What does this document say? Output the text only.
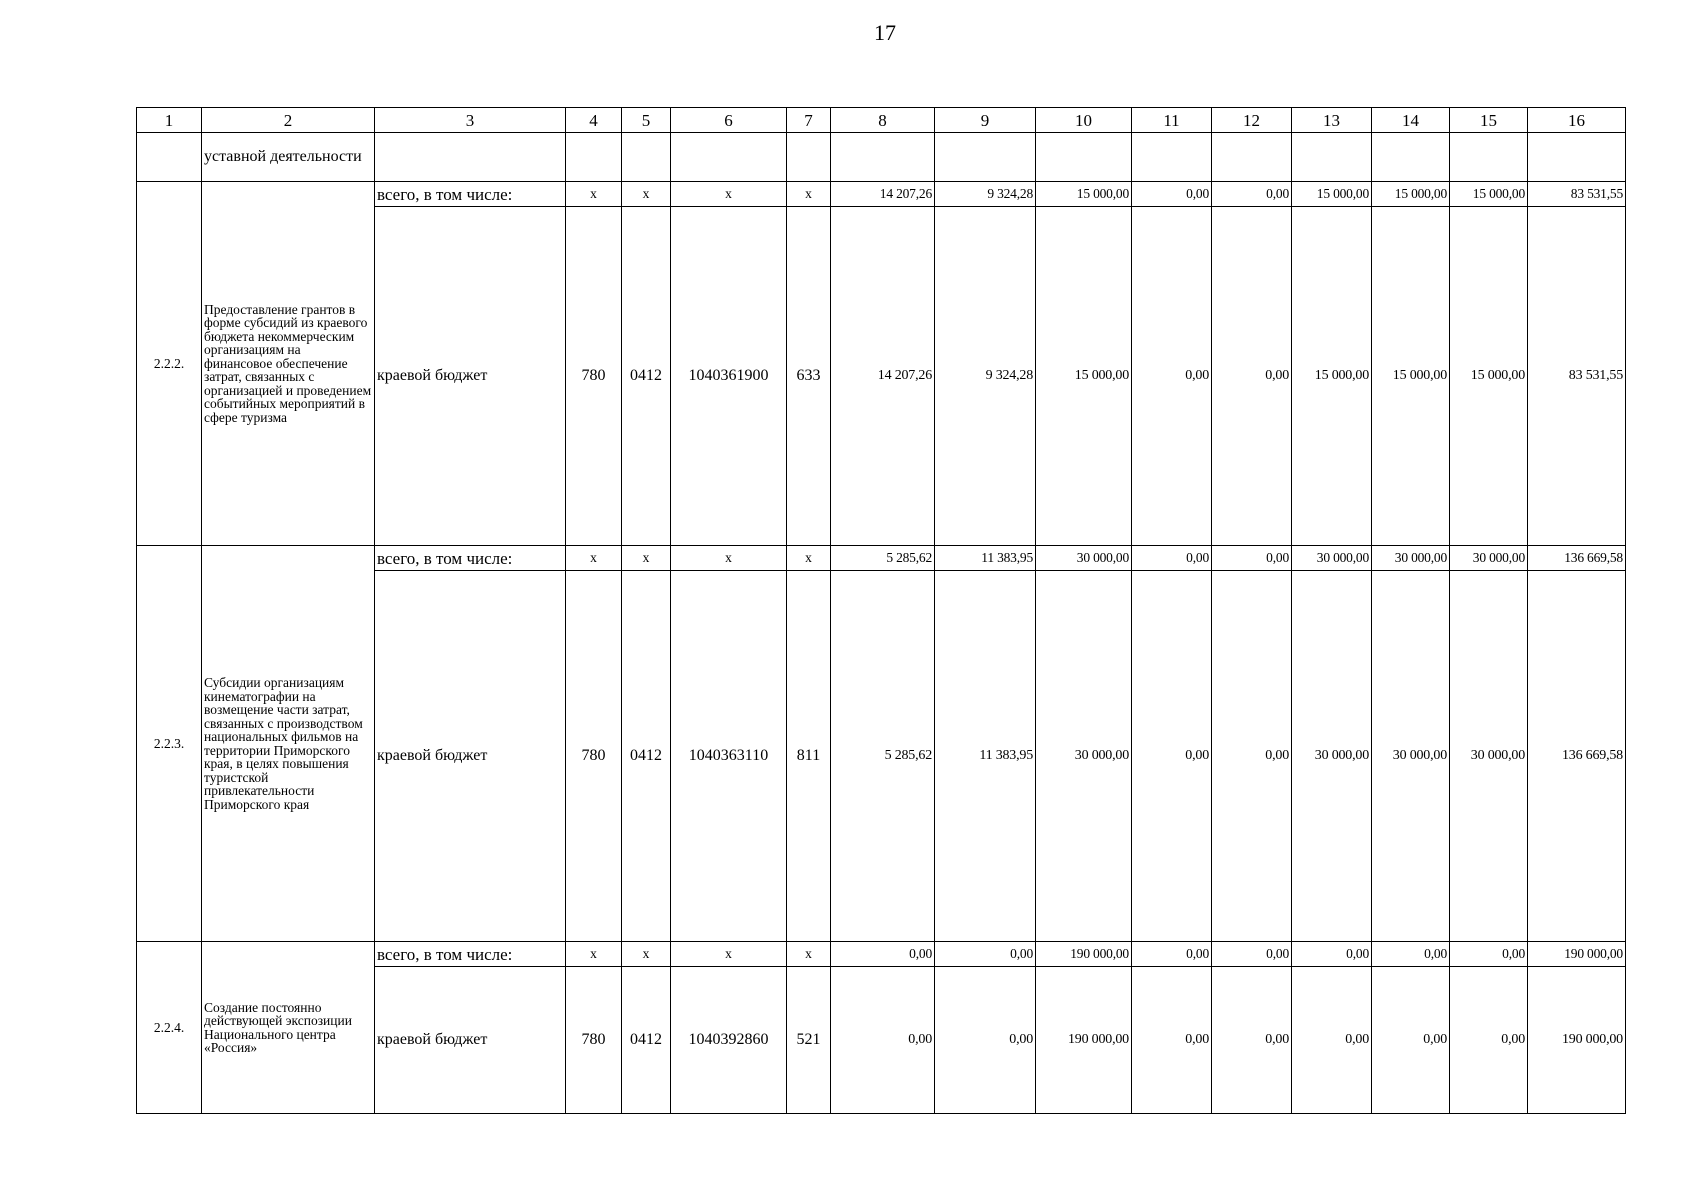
17
1	2	3	4	5	6	7	8	9	10	11	12	13	14	15	16
	уставной деятельности														
2.2.2.	Предоставление грантов в форме субсидий из краевого бюджета некоммерческим организациям на финансовое обеспечение затрат, связанных с организацией и проведением событийных мероприятий в сфере туризма	всего, в том числе:	х	х	х	х	14 207,26	9 324,28	15 000,00	0,00	0,00	15 000,00	15 000,00	15 000,00	83 531,55
		краевой бюджет	780	0412	1040361900	633	14 207,26	9 324,28	15 000,00	0,00	0,00	15 000,00	15 000,00	15 000,00	83 531,55
2.2.3.	Субсидии организациям кинематографии на возмещение части затрат, связанных с производством национальных фильмов на территории Приморского края, в целях повышения туристской привлекательности Приморского края	всего, в том числе:	х	х	х	х	5 285,62	11 383,95	30 000,00	0,00	0,00	30 000,00	30 000,00	30 000,00	136 669,58
		краевой бюджет	780	0412	1040363110	811	5 285,62	11 383,95	30 000,00	0,00	0,00	30 000,00	30 000,00	30 000,00	136 669,58
2.2.4.	Создание постоянно действующей экспозиции Национального центра «Россия»	всего, в том числе:	х	х	х	х	0,00	0,00	190 000,00	0,00	0,00	0,00	0,00	0,00	190 000,00
		краевой бюджет	780	0412	1040392860	521	0,00	0,00	190 000,00	0,00	0,00	0,00	0,00	0,00	190 000,00
